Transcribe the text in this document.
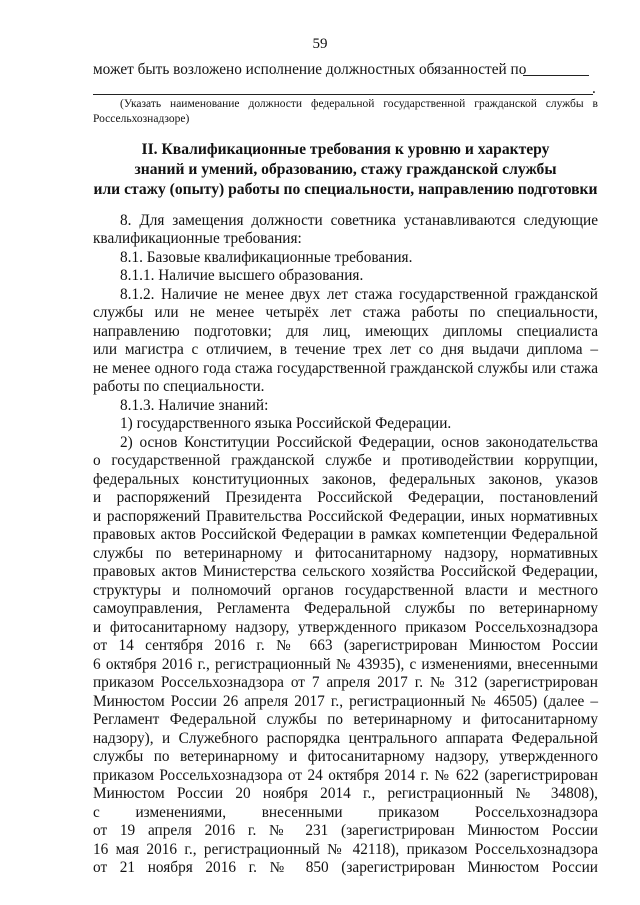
59
может быть возложено исполнение должностных обязанностей по
.
(Указать наименование должности федеральной государственной гражданской службы в Россельхознадзоре)
II. Квалификационные требования к уровню и характеру
знаний и умений, образованию, стажу гражданской службы
или стажу (опыту) работы по специальности, направлению подготовки
8. Для замещения должности советника устанавливаются следующие
квалификационные требования:
8.1. Базовые квалификационные требования.
8.1.1. Наличие высшего образования.
8.1.2. Наличие не менее двух лет стажа государственной гражданской
службы или не менее четырёх лет стажа работы по специальности,
направлению подготовки; для лиц, имеющих дипломы специалиста
или магистра с отличием, в течение трех лет со дня выдачи диплома –
не менее одного года стажа государственной гражданской службы или стажа
работы по специальности.
8.1.3. Наличие знаний:
1) государственного языка Российской Федерации.
2) основ Конституции Российской Федерации, основ законодательства
о государственной гражданской службе и противодействии коррупции,
федеральных конституционных законов, федеральных законов, указов
и распоряжений Президента Российской Федерации, постановлений
и распоряжений Правительства Российской Федерации, иных нормативных
правовых актов Российской Федерации в рамках компетенции Федеральной
службы по ветеринарному и фитосанитарному надзору, нормативных
правовых актов Министерства сельского хозяйства Российской Федерации,
структуры и полномочий органов государственной власти и местного
самоуправления, Регламента Федеральной службы по ветеринарному
и фитосанитарному надзору, утвержденного приказом Россельхознадзора
от 14 сентября 2016 г. № 663 (зарегистрирован Минюстом России
6 октября 2016 г., регистрационный № 43935), с изменениями, внесенными
приказом Россельхознадзора от 7 апреля 2017 г. № 312 (зарегистрирован
Минюстом России 26 апреля 2017 г., регистрационный № 46505) (далее –
Регламент Федеральной службы по ветеринарному и фитосанитарному
надзору), и Служебного распорядка центрального аппарата Федеральной
службы по ветеринарному и фитосанитарному надзору, утвержденного
приказом Россельхознадзора от 24 октября 2014 г. № 622 (зарегистрирован
Минюстом России 20 ноября 2014 г., регистрационный № 34808),
с изменениями, внесенными приказом Россельхознадзора
от 19 апреля 2016 г. № 231 (зарегистрирован Минюстом России
16 мая 2016 г., регистрационный № 42118), приказом Россельхознадзора
от 21 ноября 2016 г. № 850 (зарегистрирован Минюстом России
